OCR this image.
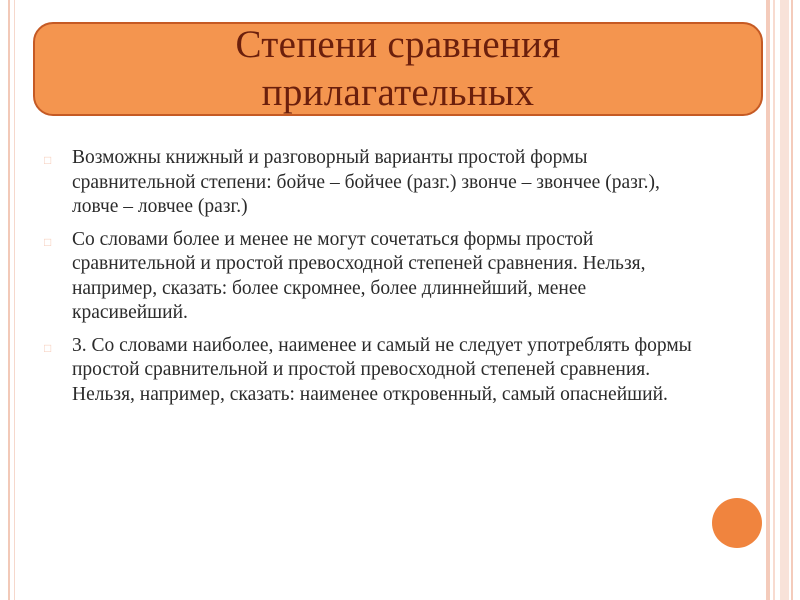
Степени сравнения прилагательных
□ Возможны книжный и разговорный варианты простой формы сравнительной степени: бойче – бойчее (разг.) звонче – звончее (разг.), ловче – ловчее (разг.)
□ Со словами более и менее не могут сочетаться формы простой сравнительной и простой превосходной степеней сравнения. Нельзя, например, сказать: более скромнее, более длиннейший, менее красивейший.
□ 3. Со словами наиболее, наименее и самый не следует употреблять формы простой сравнительной и простой превосходной степеней сравнения. Нельзя, например, сказать: наименее откровенный, самый опаснейший.
